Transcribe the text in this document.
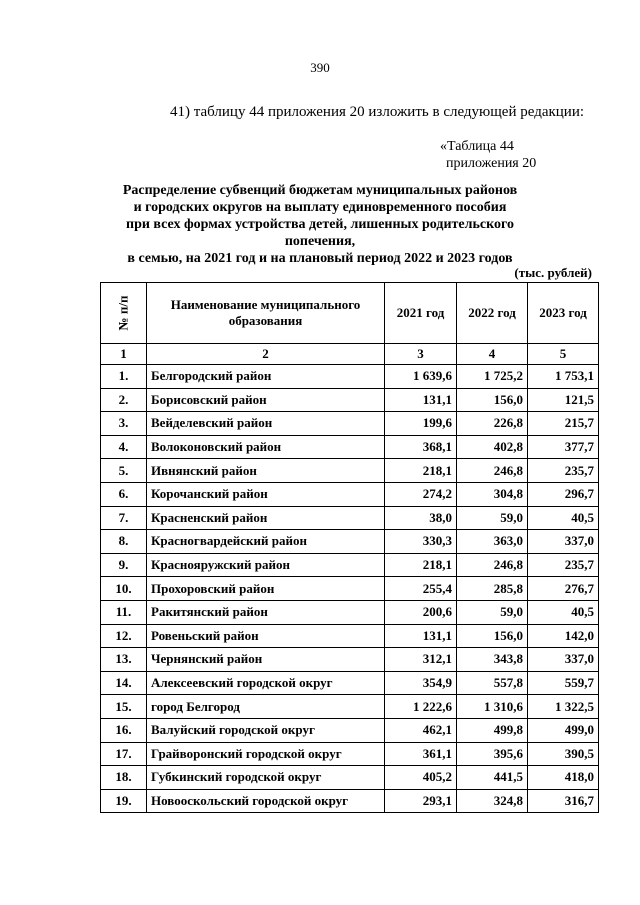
390
41) таблицу 44 приложения 20 изложить в следующей редакции:
«Таблица 44
приложения 20
Распределение субвенций бюджетам муниципальных районов
и городских округов на выплату единовременного пособия
при всех формах устройства детей, лишенных родительского попечения,
в семью, на 2021 год и на плановый период 2022 и 2023 годов
(тыс. рублей)
№ п/п	Наименование муниципального образования	2021 год	2022 год	2023 год
1	2	3	4	5
1.	Белгородский район	1 639,6	1 725,2	1 753,1
2.	Борисовский район	131,1	156,0	121,5
3.	Вейделевский район	199,6	226,8	215,7
4.	Волоконовский район	368,1	402,8	377,7
5.	Ивнянский район	218,1	246,8	235,7
6.	Корочанский район	274,2	304,8	296,7
7.	Красненский район	38,0	59,0	40,5
8.	Красногвардейский район	330,3	363,0	337,0
9.	Краснояружский район	218,1	246,8	235,7
10.	Прохоровский район	255,4	285,8	276,7
11.	Ракитянский район	200,6	59,0	40,5
12.	Ровеньский район	131,1	156,0	142,0
13.	Чернянский район	312,1	343,8	337,0
14.	Алексеевский городской округ	354,9	557,8	559,7
15.	город Белгород	1 222,6	1 310,6	1 322,5
16.	Валуйский городской округ	462,1	499,8	499,0
17.	Грайворонский городской округ	361,1	395,6	390,5
18.	Губкинский городской округ	405,2	441,5	418,0
19.	Новооскольский городской округ	293,1	324,8	316,7
